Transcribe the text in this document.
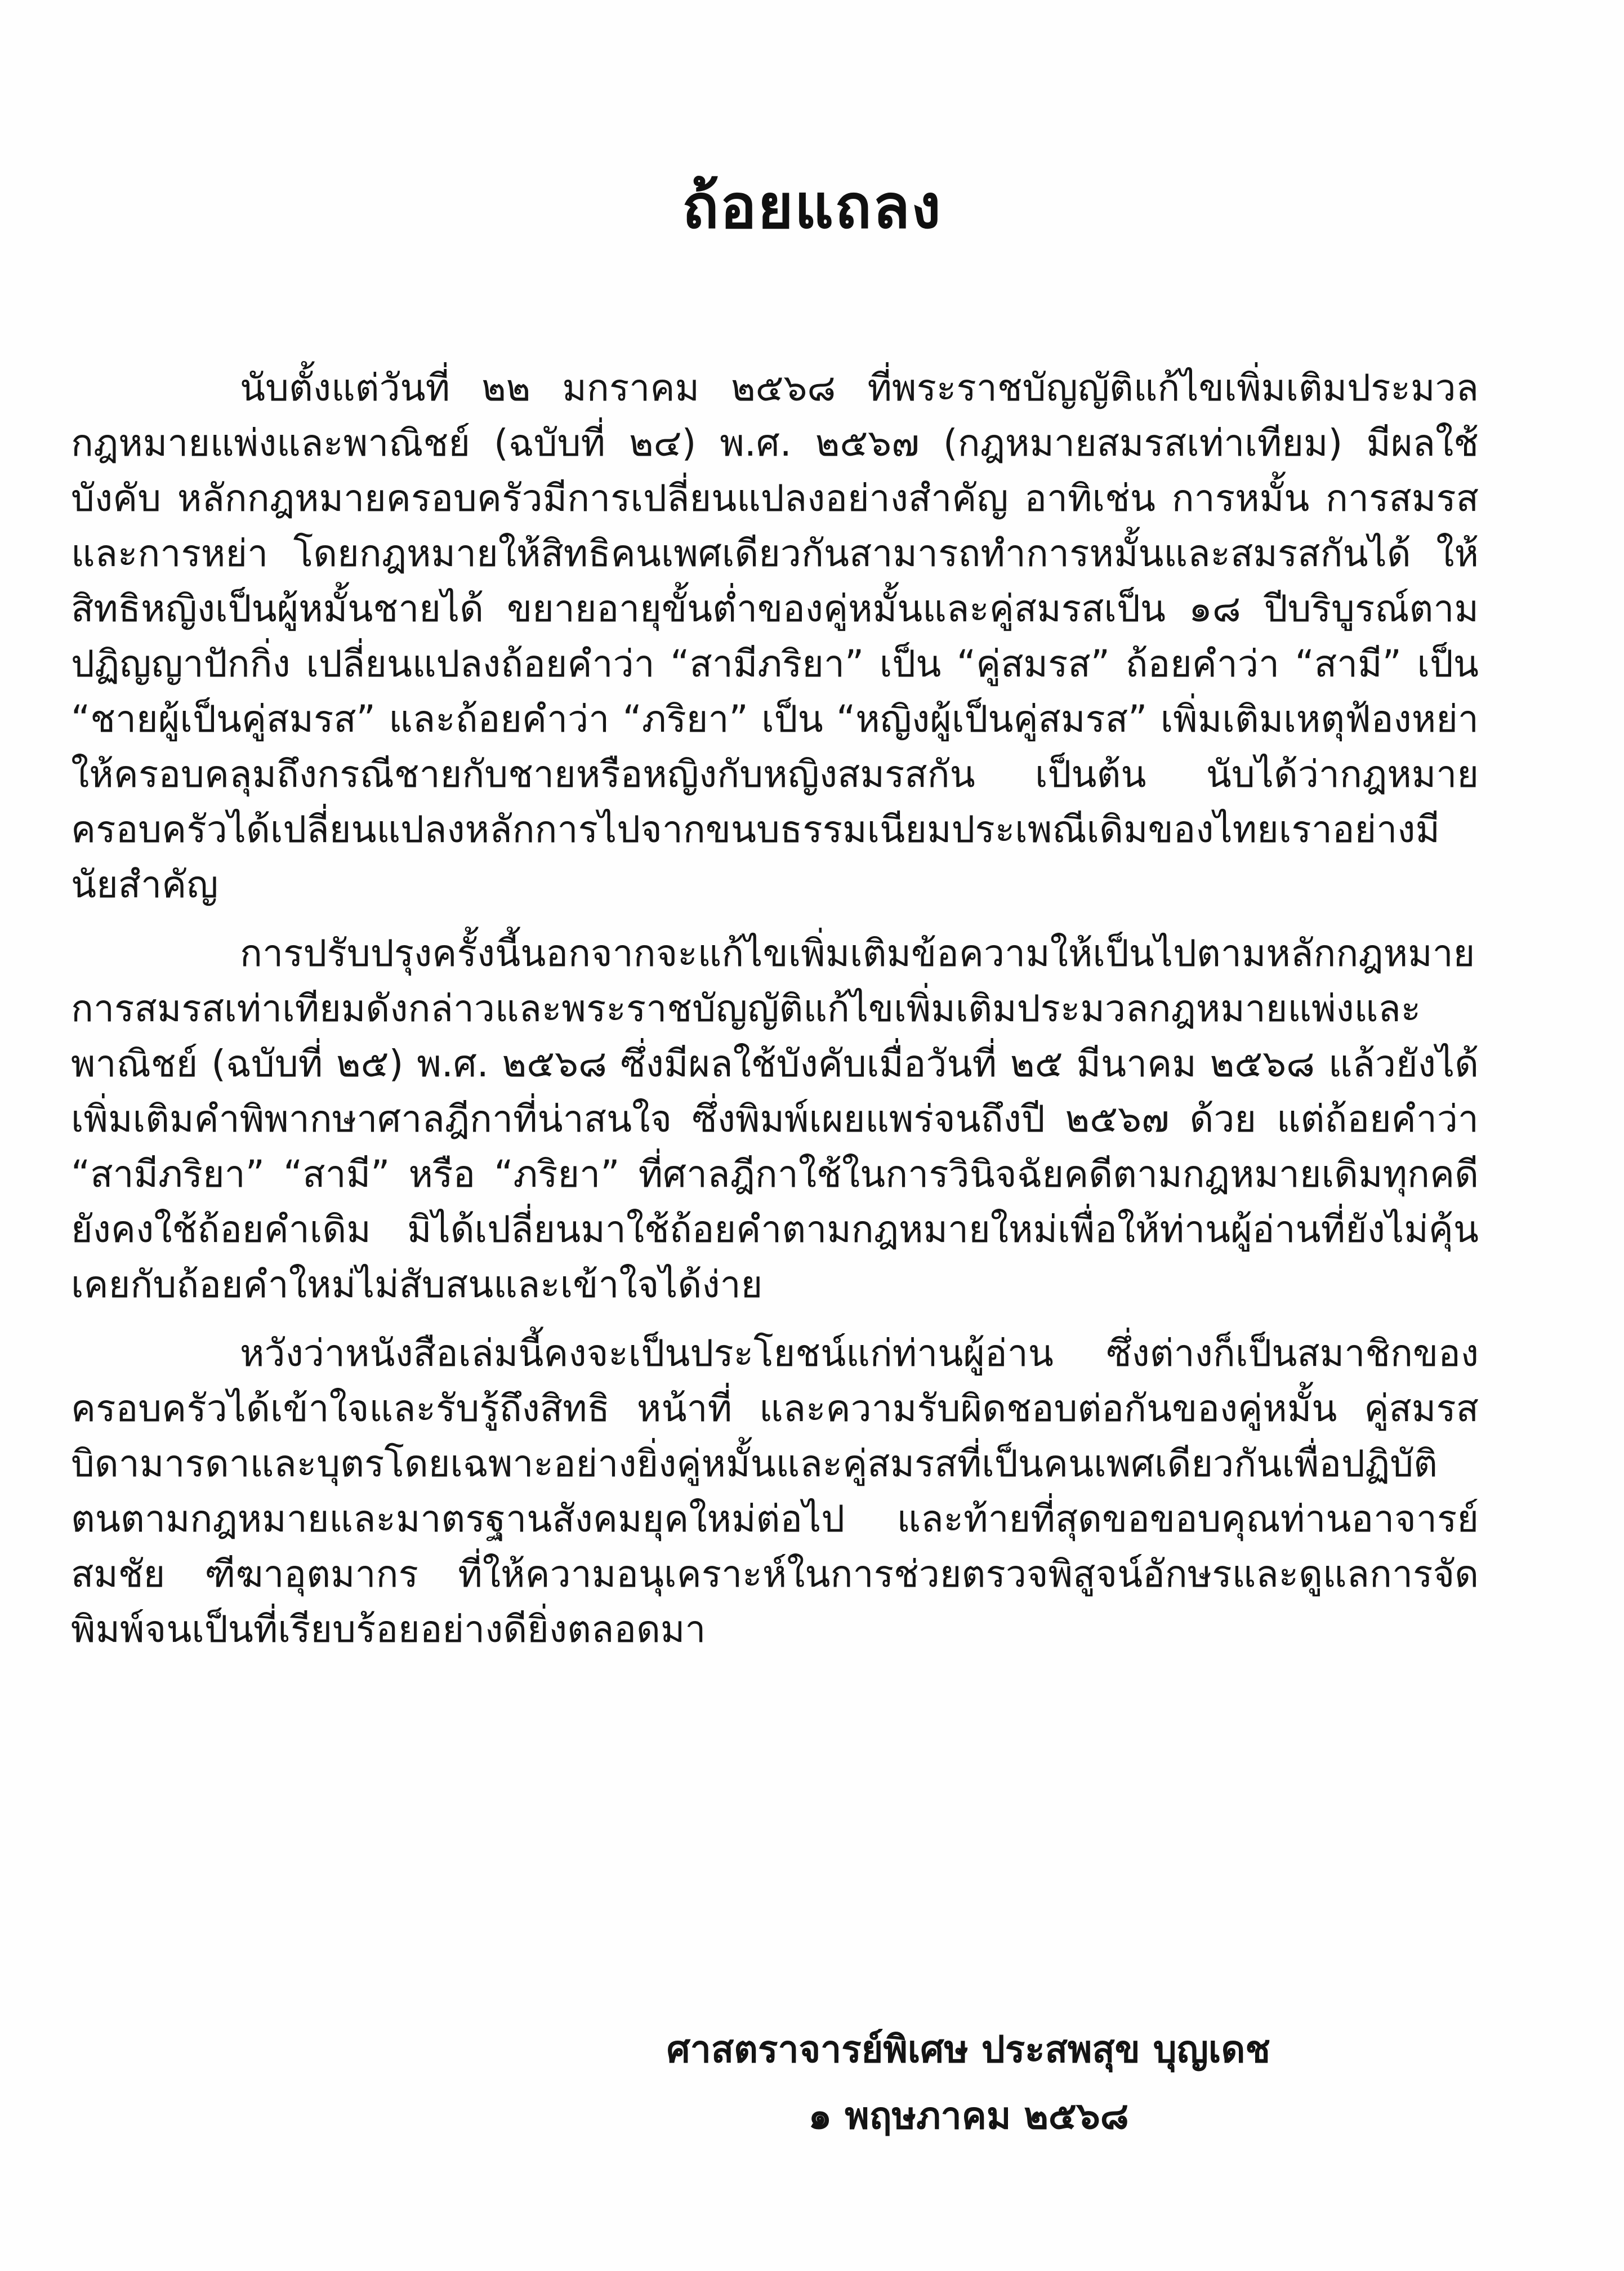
ถ้อยแถลง

นับตั้งแต่วันที่ ๒๒ มกราคม ๒๕๖๘ ที่พระราชบัญญัติแก้ไขเพิ่มเติมประมวลกฎหมายแพ่งและพาณิชย์ (ฉบับที่ ๒๔) พ.ศ. ๒๕๖๗ (กฎหมายสมรสเท่าเทียม) มีผลใช้บังคับ หลักกฎหมายครอบครัวมีการเปลี่ยนแปลงอย่างสำคัญ อาทิเช่น การหมั้น การสมรส และการหย่า โดยกฎหมายให้สิทธิคนเพศเดียวกันสามารถทำการหมั้นและสมรสกันได้ ให้สิทธิหญิงเป็นผู้หมั้นชายได้ ขยายอายุขั้นต่ำของคู่หมั้นและคู่สมรสเป็น ๑๘ ปีบริบูรณ์ตามปฏิญญาปักกิ่ง เปลี่ยนแปลงถ้อยคำว่า “สามีภริยา” เป็น “คู่สมรส” ถ้อยคำว่า “สามี” เป็น “ชายผู้เป็นคู่สมรส” และถ้อยคำว่า “ภริยา” เป็น “หญิงผู้เป็นคู่สมรส” เพิ่มเติมเหตุฟ้องหย่าให้ครอบคลุมถึงกรณีชายกับชายหรือหญิงกับหญิงสมรสกัน เป็นต้น นับได้ว่ากฎหมายครอบครัวได้เปลี่ยนแปลงหลักการไปจากขนบธรรมเนียมประเพณีเดิมของไทยเราอย่างมีนัยสำคัญ

การปรับปรุงครั้งนี้นอกจากจะแก้ไขเพิ่มเติมข้อความให้เป็นไปตามหลักกฎหมายการสมรสเท่าเทียมดังกล่าวและพระราชบัญญัติแก้ไขเพิ่มเติมประมวลกฎหมายแพ่งและพาณิชย์ (ฉบับที่ ๒๕) พ.ศ. ๒๕๖๘ ซึ่งมีผลใช้บังคับเมื่อวันที่ ๒๕ มีนาคม ๒๕๖๘ แล้วยังได้เพิ่มเติมคำพิพากษาศาลฎีกาที่น่าสนใจ ซึ่งพิมพ์เผยแพร่จนถึงปี ๒๕๖๗ ด้วย แต่ถ้อยคำว่า “สามีภริยา” “สามี” หรือ “ภริยา” ที่ศาลฎีกาใช้ในการวินิจฉัยคดีตามกฎหมายเดิมทุกคดียังคงใช้ถ้อยคำเดิม มิได้เปลี่ยนมาใช้ถ้อยคำตามกฎหมายใหม่เพื่อให้ท่านผู้อ่านที่ยังไม่คุ้นเคยกับถ้อยคำใหม่ไม่สับสนและเข้าใจได้ง่าย

หวังว่าหนังสือเล่มนี้คงจะเป็นประโยชน์แก่ท่านผู้อ่าน ซึ่งต่างก็เป็นสมาชิกของครอบครัวได้เข้าใจและรับรู้ถึงสิทธิ หน้าที่ และความรับผิดชอบต่อกันของคู่หมั้น คู่สมรส บิดามารดาและบุตรโดยเฉพาะอย่างยิ่งคู่หมั้นและคู่สมรสที่เป็นคนเพศเดียวกันเพื่อปฏิบัติตนตามกฎหมายและมาตรฐานสังคมยุคใหม่ต่อไป และท้ายที่สุดขอขอบคุณท่านอาจารย์สมชัย ฑีฆาอุตมากร ที่ให้ความอนุเคราะห์ในการช่วยตรวจพิสูจน์อักษรและดูแลการจัดพิมพ์จนเป็นที่เรียบร้อยอย่างดียิ่งตลอดมา

ศาสตราจารย์พิเศษ ประสพสุข บุญเดช
๑ พฤษภาคม ๒๕๖๘
